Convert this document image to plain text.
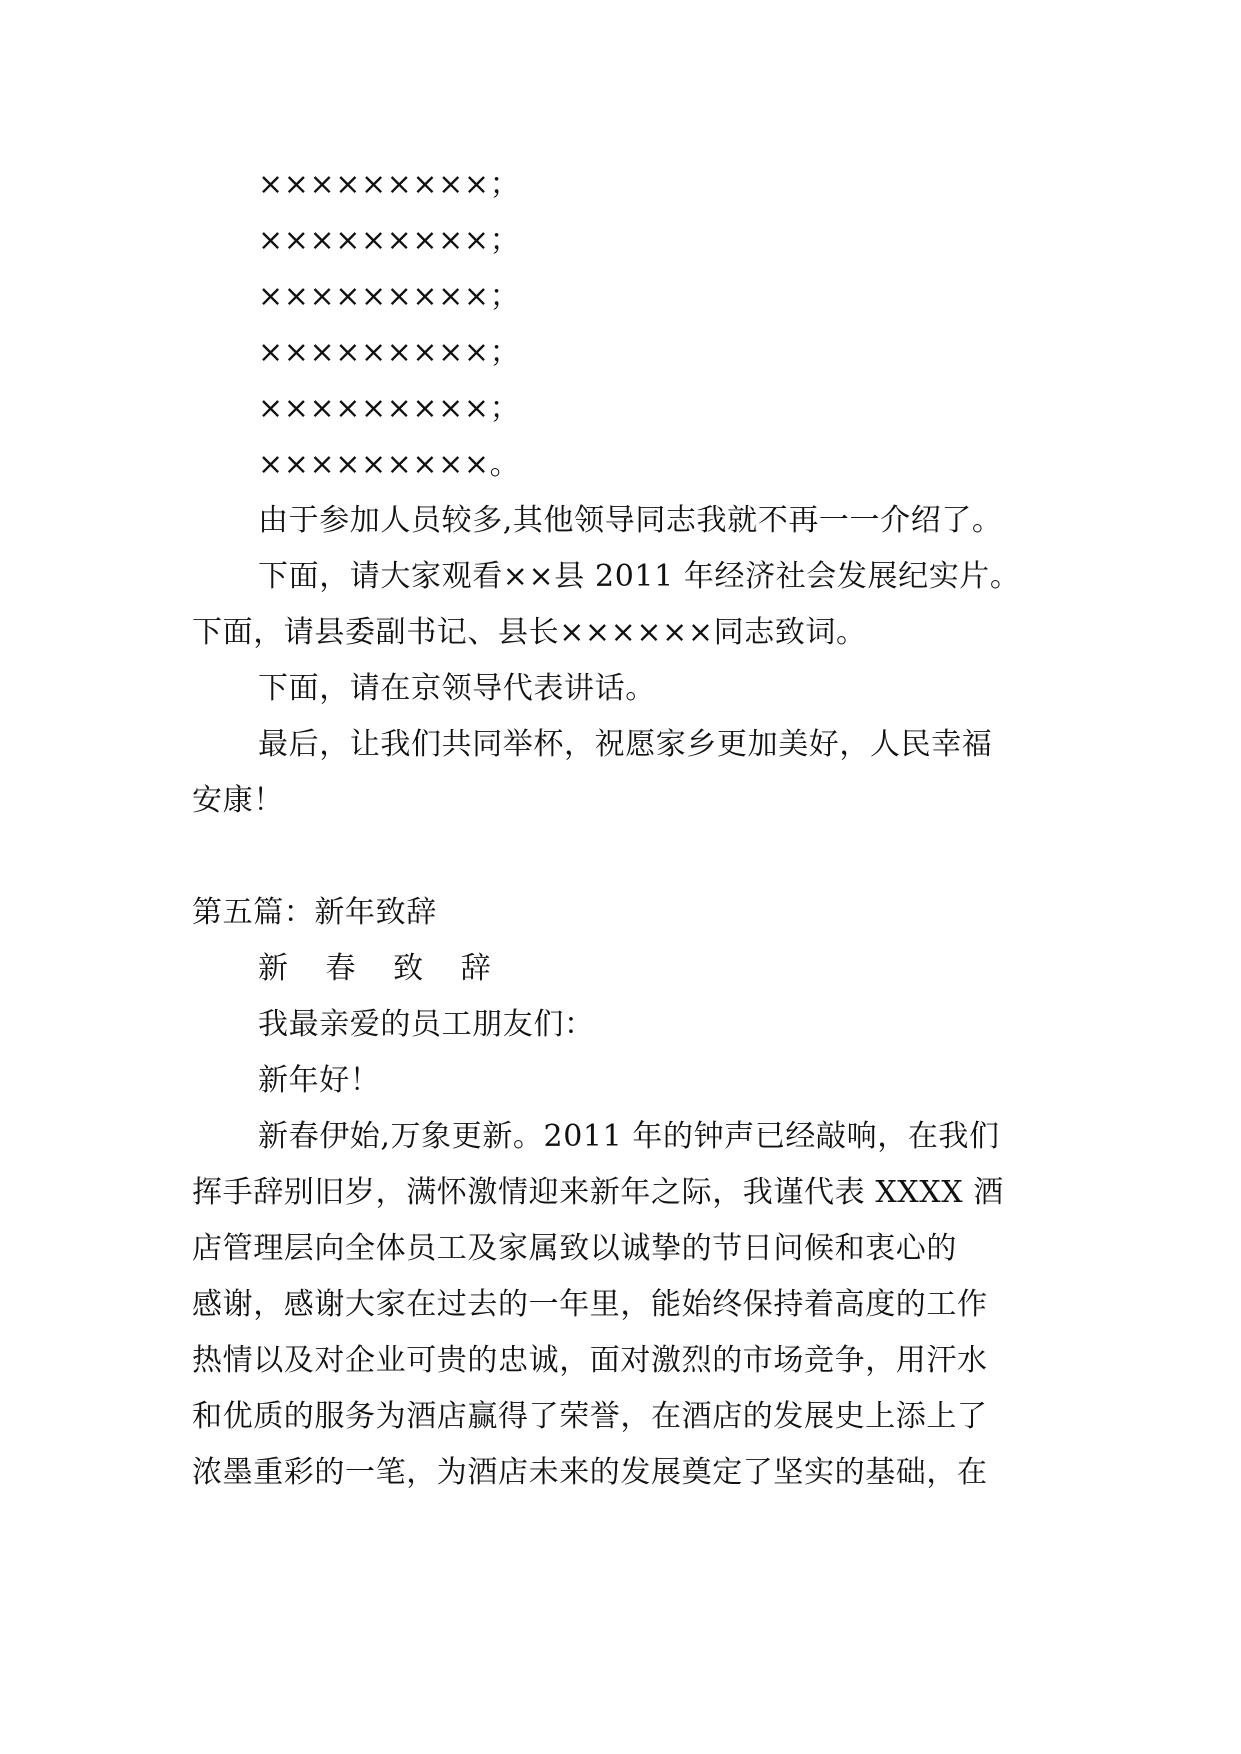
×××××××××；
×××××××××；
×××××××××；
×××××××××；
×××××××××；
×××××××××。
由于参加人员较多,其他领导同志我就不再一一介绍了。
下面，请大家观看××县 2011 年经济社会发展纪实片。
下面，请县委副书记、县长××××××同志致词。
下面，请在京领导代表讲话。
最后，让我们共同举杯，祝愿家乡更加美好，人民幸福
安康！
第五篇：新年致辞
新 春 致 辞
我最亲爱的员工朋友们：
新年好！
新春伊始,万象更新。2011 年的钟声已经敲响，在我们
挥手辞别旧岁，满怀激情迎来新年之际，我谨代表 XXXX 酒
店管理层向全体员工及家属致以诚挚的节日问候和衷心的
感谢，感谢大家在过去的一年里，能始终保持着高度的工作
热情以及对企业可贵的忠诚，面对激烈的市场竞争，用汗水
和优质的服务为酒店赢得了荣誉，在酒店的发展史上添上了
浓墨重彩的一笔，为酒店未来的发展奠定了坚实的基础，在
